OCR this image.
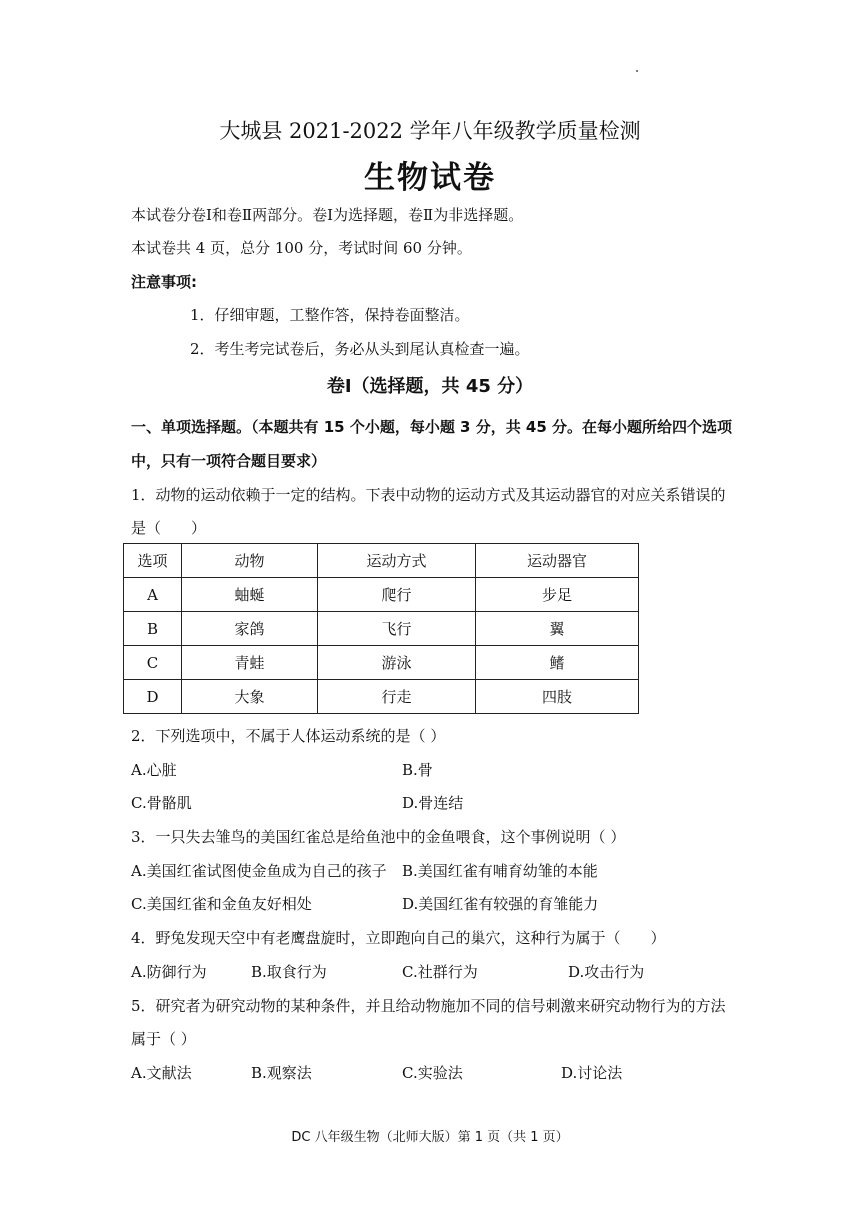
大城县 2021-2022 学年八年级教学质量检测
生物试卷
本试卷分卷Ⅰ和卷Ⅱ两部分。卷Ⅰ为选择题，卷Ⅱ为非选择题。
本试卷共 4 页，总分 100 分，考试时间 60 分钟。
注意事项:
1．仔细审题，工整作答，保持卷面整洁。
2．考生考完试卷后，务必从头到尾认真检查一遍。
卷Ⅰ（选择题，共 45 分）
一、单项选择题。（本题共有 15 个小题，每小题 3 分，共 45 分。在每小题所给四个选项
中，只有一项符合题目要求）
1．动物的运动依赖于一定的结构。下表中动物的运动方式及其运动器官的对应关系错误的
是（　　）
选项	动物	运动方式	运动器官
A	蚰蜒	爬行	步足
B	家鸽	飞行	翼
C	青蛙	游泳	鳍
D	大象	行走	四肢
2．下列选项中，不属于人体运动系统的是（ ）
A.心脏	B.骨
C.骨骼肌	D.骨连结
3．一只失去雏鸟的美国红雀总是给鱼池中的金鱼喂食，这个事例说明（ ）
A.美国红雀试图使金鱼成为自己的孩子 B.美国红雀有哺育幼雏的本能
C.美国红雀和金鱼友好相处	D.美国红雀有较强的育雏能力
4．野兔发现天空中有老鹰盘旋时，立即跑向自己的巢穴，这种行为属于（　　）
A.防御行为	B.取食行为	C.社群行为	D.攻击行为
5．研究者为研究动物的某种条件，并且给动物施加不同的信号刺激来研究动物行为的方法
属于（ ）
A.文献法	B.观察法	C.实验法	D.讨论法
DC 八年级生物（北师大版）第 1 页（共 1 页）
